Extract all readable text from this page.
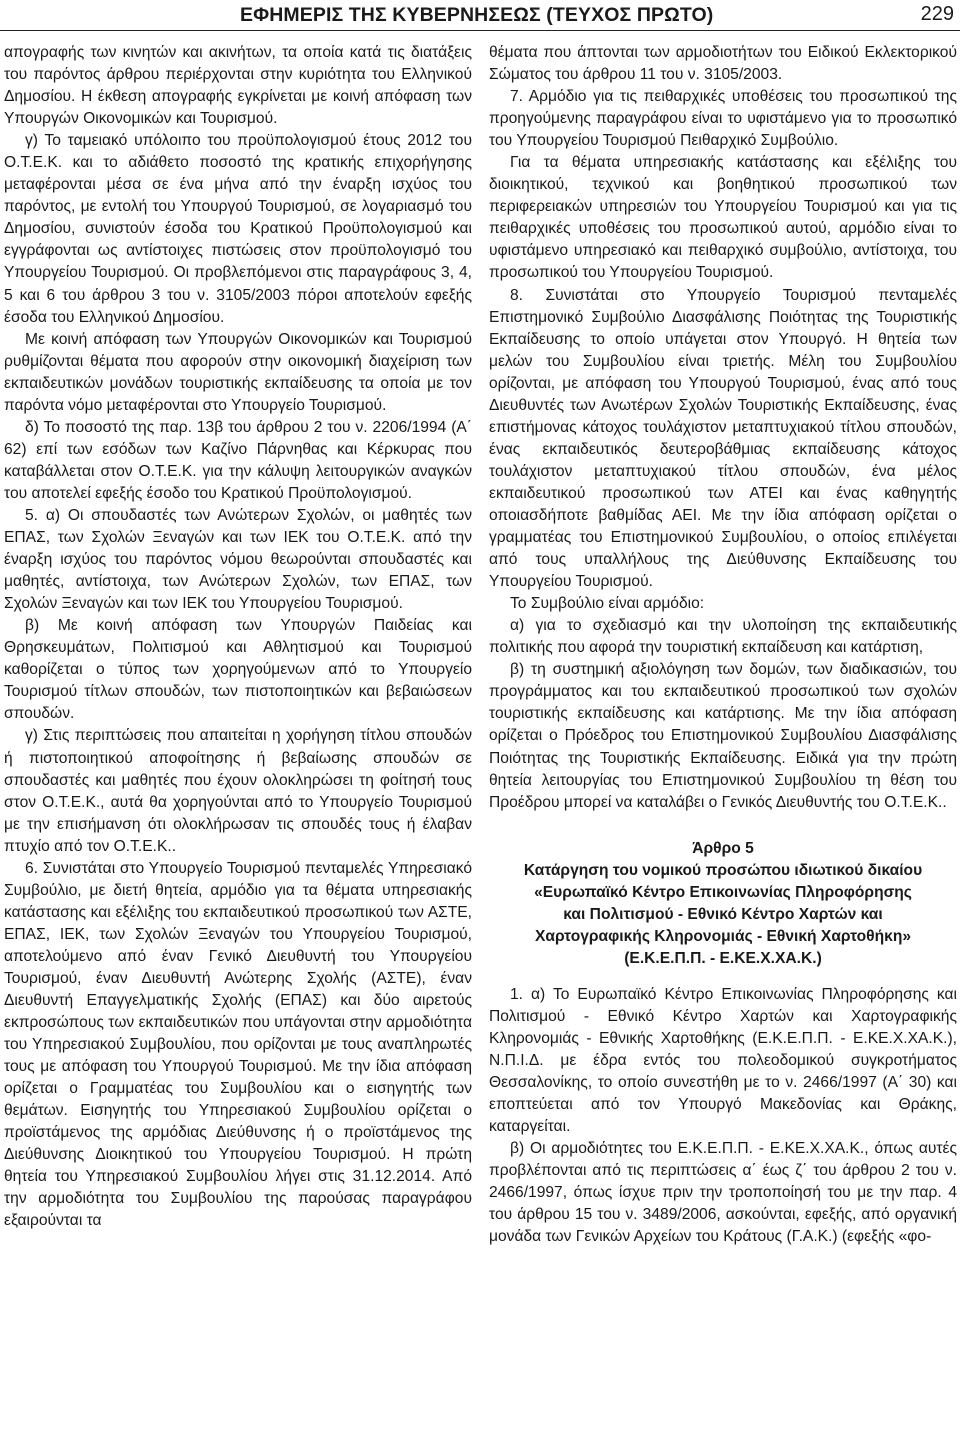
ΕΦΗΜΕΡΙΣ ΤΗΣ ΚΥΒΕΡΝΗΣΕΩΣ (ΤΕΥΧΟΣ ΠΡΩΤΟ)	229

απογραφής των κινητών και ακινήτων, τα οποία κατά τις διατάξεις του παρόντος άρθρου περιέρχονται στην κυριότητα του Ελληνικού Δημοσίου. Η έκθεση απογραφής εγκρίνεται με κοινή απόφαση των Υπουργών Οικονομικών και Τουρισμού.

γ) Το ταμειακό υπόλοιπο του προϋπολογισμού έτους 2012 του Ο.Τ.Ε.Κ. και το αδιάθετο ποσοστό της κρατικής επιχορήγησης μεταφέρονται μέσα σε ένα μήνα από την έναρξη ισχύος του παρόντος, με εντολή του Υπουργού Τουρισμού, σε λογαριασμό του Δημοσίου, συνιστούν έσοδα του Κρατικού Προϋπολογισμού και εγγράφονται ως αντίστοιχες πιστώσεις στον προϋπολογισμό του Υπουργείου Τουρισμού. Οι προβλεπόμενοι στις παραγράφους 3, 4, 5 και 6 του άρθρου 3 του ν. 3105/2003 πόροι αποτελούν εφεξής έσοδα του Ελληνικού Δημοσίου.

Με κοινή απόφαση των Υπουργών Οικονομικών και Τουρισμού ρυθμίζονται θέματα που αφορούν στην οικονομική διαχείριση των εκπαιδευτικών μονάδων τουριστικής εκπαίδευσης τα οποία με τον παρόντα νόμο μεταφέρονται στο Υπουργείο Τουρισμού.

δ) Το ποσοστό της παρ. 13β του άρθρου 2 του ν. 2206/1994 (Α΄ 62) επί των εσόδων των Καζίνο Πάρνηθας και Κέρκυρας που καταβάλλεται στον Ο.Τ.Ε.Κ. για την κάλυψη λειτουργικών αναγκών του αποτελεί εφεξής έσοδο του Κρατικού Προϋπολογισμού.

5. α) Οι σπουδαστές των Ανώτερων Σχολών, οι μαθητές των ΕΠΑΣ, των Σχολών Ξεναγών και των ΙΕΚ του Ο.Τ.Ε.Κ. από την έναρξη ισχύος του παρόντος νόμου θεωρούνται σπουδαστές και μαθητές, αντίστοιχα, των Ανώτερων Σχολών, των ΕΠΑΣ, των Σχολών Ξεναγών και των ΙΕΚ του Υπουργείου Τουρισμού.

β) Με κοινή απόφαση των Υπουργών Παιδείας και Θρησκευμάτων, Πολιτισμού και Αθλητισμού και Τουρισμού καθορίζεται ο τύπος των χορηγούμενων από το Υπουργείο Τουρισμού τίτλων σπουδών, των πιστοποιητικών και βεβαιώσεων σπουδών.

γ) Στις περιπτώσεις που απαιτείται η χορήγηση τίτλου σπουδών ή πιστοποιητικού αποφοίτησης ή βεβαίωσης σπουδών σε σπουδαστές και μαθητές που έχουν ολοκληρώσει τη φοίτησή τους στον Ο.Τ.Ε.Κ., αυτά θα χορηγούνται από το Υπουργείο Τουρισμού με την επισήμανση ότι ολοκλήρωσαν τις σπουδές τους ή έλαβαν πτυχίο από τον Ο.Τ.Ε.Κ..

6. Συνιστάται στο Υπουργείο Τουρισμού πενταμελές Υπηρεσιακό Συμβούλιο, με διετή θητεία, αρμόδιο για τα θέματα υπηρεσιακής κατάστασης και εξέλιξης του εκπαιδευτικού προσωπικού των ΑΣΤΕ, ΕΠΑΣ, ΙΕΚ, των Σχολών Ξεναγών του Υπουργείου Τουρισμού, αποτελούμενο από έναν Γενικό Διευθυντή του Υπουργείου Τουρισμού, έναν Διευθυντή Ανώτερης Σχολής (ΑΣΤΕ), έναν Διευθυντή Επαγγελματικής Σχολής (ΕΠΑΣ) και δύο αιρετούς εκπροσώπους των εκπαιδευτικών που υπάγονται στην αρμοδιότητα του Υπηρεσιακού Συμβουλίου, που ορίζονται με τους αναπληρωτές τους με απόφαση του Υπουργού Τουρισμού. Με την ίδια απόφαση ορίζεται ο Γραμματέας του Συμβουλίου και ο εισηγητής των θεμάτων. Εισηγητής του Υπηρεσιακού Συμβουλίου ορίζεται ο προϊστάμενος της αρμόδιας Διεύθυνσης ή ο προϊστάμενος της Διεύθυνσης Διοικητικού του Υπουργείου Τουρισμού. Η πρώτη θητεία του Υπηρεσιακού Συμβουλίου λήγει στις 31.12.2014. Από την αρμοδιότητα του Συμβουλίου της παρούσας παραγράφου εξαιρούνται τα

θέματα που άπτονται των αρμοδιοτήτων του Ειδικού Εκλεκτορικού Σώματος του άρθρου 11 του ν. 3105/2003.

7. Αρμόδιο για τις πειθαρχικές υποθέσεις του προσωπικού της προηγούμενης παραγράφου είναι το υφιστάμενο για το προσωπικό του Υπουργείου Τουρισμού Πειθαρχικό Συμβούλιο.

Για τα θέματα υπηρεσιακής κατάστασης και εξέλιξης του διοικητικού, τεχνικού και βοηθητικού προσωπικού των περιφερειακών υπηρεσιών του Υπουργείου Τουρισμού και για τις πειθαρχικές υποθέσεις του προσωπικού αυτού, αρμόδιο είναι το υφιστάμενο υπηρεσιακό και πειθαρχικό συμβούλιο, αντίστοιχα, του προσωπικού του Υπουργείου Τουρισμού.

8. Συνιστάται στο Υπουργείο Τουρισμού πενταμελές Επιστημονικό Συμβούλιο Διασφάλισης Ποιότητας της Τουριστικής Εκπαίδευσης το οποίο υπάγεται στον Υπουργό. Η θητεία των μελών του Συμβουλίου είναι τριετής. Μέλη του Συμβουλίου ορίζονται, με απόφαση του Υπουργού Τουρισμού, ένας από τους Διευθυντές των Ανωτέρων Σχολών Τουριστικής Εκπαίδευσης, ένας επιστήμονας κάτοχος τουλάχιστον μεταπτυχιακού τίτλου σπουδών, ένας εκπαιδευτικός δευτεροβάθμιας εκπαίδευσης κάτοχος τουλάχιστον μεταπτυχιακού τίτλου σπουδών, ένα μέλος εκπαιδευτικού προσωπικού των ΑΤΕΙ και ένας καθηγητής οποιασδήποτε βαθμίδας ΑΕΙ. Με την ίδια απόφαση ορίζεται ο γραμματέας του Επιστημονικού Συμβουλίου, ο οποίος επιλέγεται από τους υπαλλήλους της Διεύθυνσης Εκπαίδευσης του Υπουργείου Τουρισμού.

Το Συμβούλιο είναι αρμόδιο:

α) για το σχεδιασμό και την υλοποίηση της εκπαιδευτικής πολιτικής που αφορά την τουριστική εκπαίδευση και κατάρτιση,

β) τη συστημική αξιολόγηση των δομών, των διαδικασιών, του προγράμματος και του εκπαιδευτικού προσωπικού των σχολών τουριστικής εκπαίδευσης και κατάρτισης. Με την ίδια απόφαση ορίζεται ο Πρόεδρος του Επιστημονικού Συμβουλίου Διασφάλισης Ποιότητας της Τουριστικής Εκπαίδευσης. Ειδικά για την πρώτη θητεία λειτουργίας του Επιστημονικού Συμβουλίου τη θέση του Προέδρου μπορεί να καταλάβει ο Γενικός Διευθυντής του Ο.Τ.Ε.Κ..

Άρθρο 5
Κατάργηση του νομικού προσώπου ιδιωτικού δικαίου
«Ευρωπαϊκό Κέντρο Επικοινωνίας Πληροφόρησης
και Πολιτισμού - Εθνικό Κέντρο Χαρτών και
Χαρτογραφικής Κληρονομιάς - Εθνική Χαρτοθήκη»
(Ε.Κ.Ε.Π.Π. - Ε.ΚΕ.Χ.ΧΑ.Κ.)

1. α) Το Ευρωπαϊκό Κέντρο Επικοινωνίας Πληροφόρησης και Πολιτισμού - Εθνικό Κέντρο Χαρτών και Χαρτογραφικής Κληρονομιάς - Εθνικής Χαρτοθήκης (Ε.Κ.Ε.Π.Π. - Ε.ΚΕ.Χ.ΧΑ.Κ.), Ν.Π.Ι.Δ. με έδρα εντός του πολεοδομικού συγκροτήματος Θεσσαλονίκης, το οποίο συνεστήθη με το ν. 2466/1997 (Α΄ 30) και εποπτεύεται από τον Υπουργό Μακεδονίας και Θράκης, καταργείται.

β) Οι αρμοδιότητες του Ε.Κ.Ε.Π.Π. - Ε.ΚΕ.Χ.ΧΑ.Κ., όπως αυτές προβλέπονται από τις περιπτώσεις α΄ έως ζ΄ του άρθρου 2 του ν. 2466/1997, όπως ίσχυε πριν την τροποποίησή του με την παρ. 4 του άρθρου 15 του ν. 3489/2006, ασκούνται, εφεξής, από οργανική μονάδα των Γενικών Αρχείων του Κράτους (Γ.Α.Κ.) (εφεξής «φο-
